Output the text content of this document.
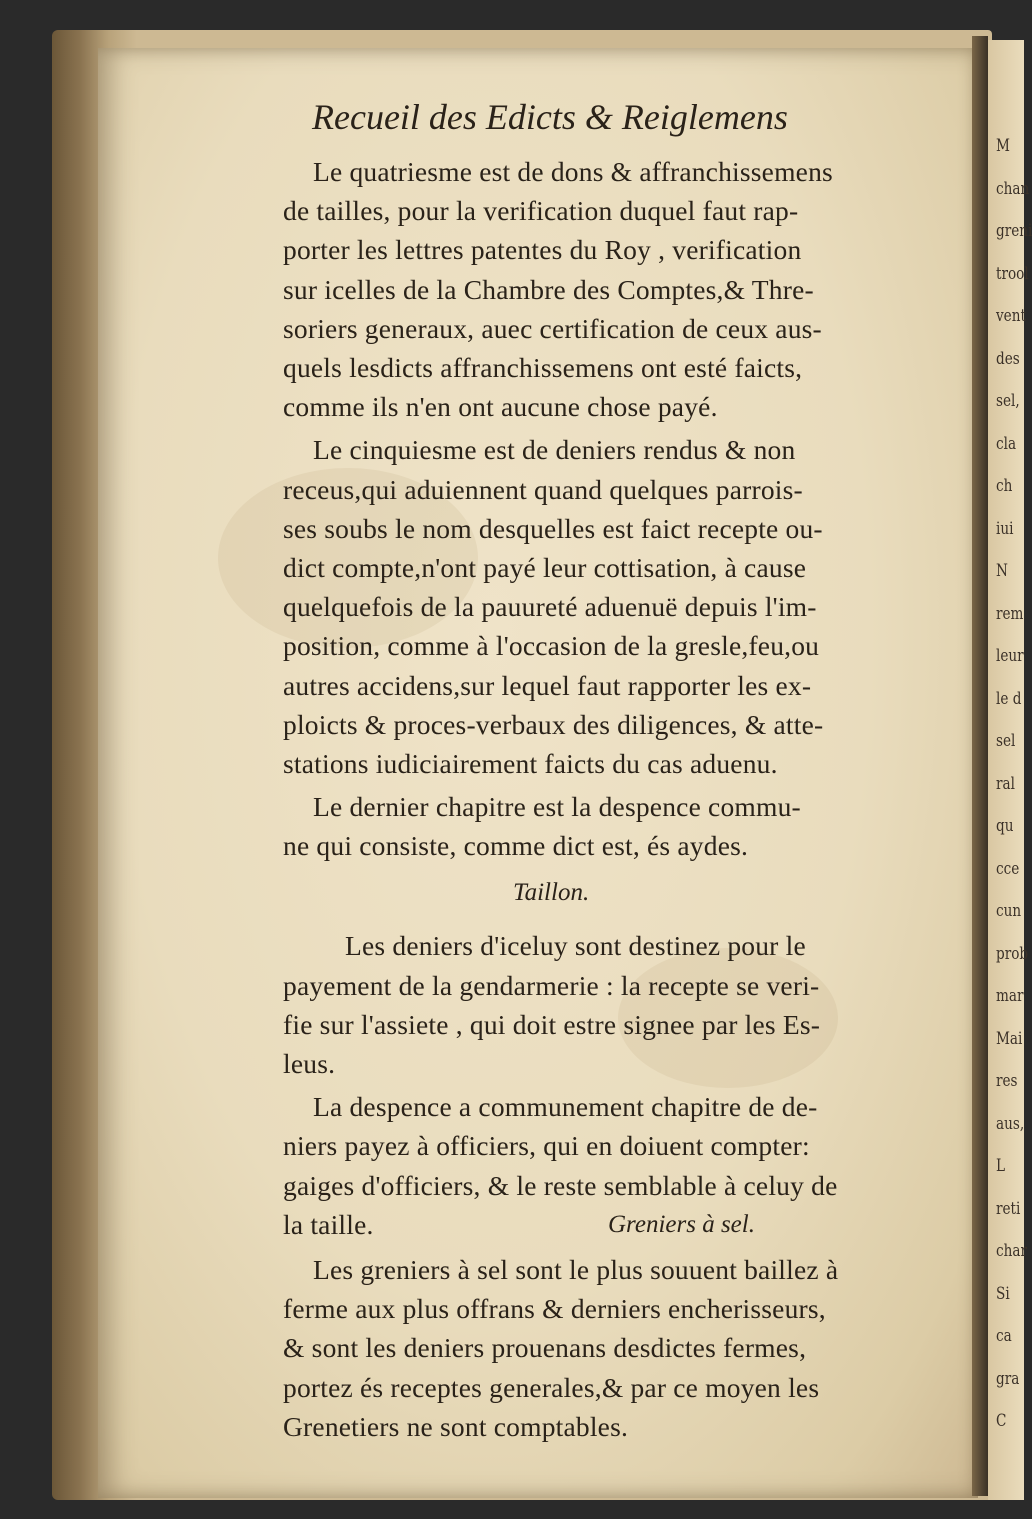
M
chan
greni
trool
vent
des
sel,
cla
ch
iui
N
rem
leur
le d
sel
ral
qu
cce
cun
prob
mar
Mai
res
aus,
L
reti
char
Si
ca
gra
C
Recueil des Edicts & Reiglemens
Le quatriesme est de dons & affranchissemens
de tailles, pour la verification duquel faut rap-
porter les lettres patentes du Roy , verification
sur icelles de la Chambre des Comptes,& Thre-
soriers generaux, auec certification de ceux aus-
quels lesdicts affranchissemens ont esté faicts,
comme ils n'en ont aucune chose payé.
Le cinquiesme est de deniers rendus & non
receus,qui aduiennent quand quelques parrois-
ses soubs le nom desquelles est faict recepte ou-
dict compte,n'ont payé leur cottisation, à cause
quelquefois de la pauureté aduenuë depuis l'im-
position, comme à l'occasion de la gresle,feu,ou
autres accidens,sur lequel faut rapporter les ex-
ploicts & proces-verbaux des diligences, & atte-
stations iudiciairement faicts du cas aduenu.
Le dernier chapitre est la despence commu-
ne qui consiste, comme dict est, és aydes.
Les deniers d'iceluy sont destinez pour le
payement de la gendarmerie : la recepte se veri-
fie sur l'assiete , qui doit estre signee par les Es-
leus.
La despence a communement chapitre de de-
niers payez à officiers, qui en doiuent compter:
gaiges d'officiers, & le reste semblable à celuy de
la taille.
Les greniers à sel sont le plus souuent baillez à
ferme aux plus offrans & derniers encherisseurs,
& sont les deniers prouenans desdictes fermes,
portez és receptes generales,& par ce moyen les
Grenetiers ne sont comptables.
Taillon.
Greniers à sel.
